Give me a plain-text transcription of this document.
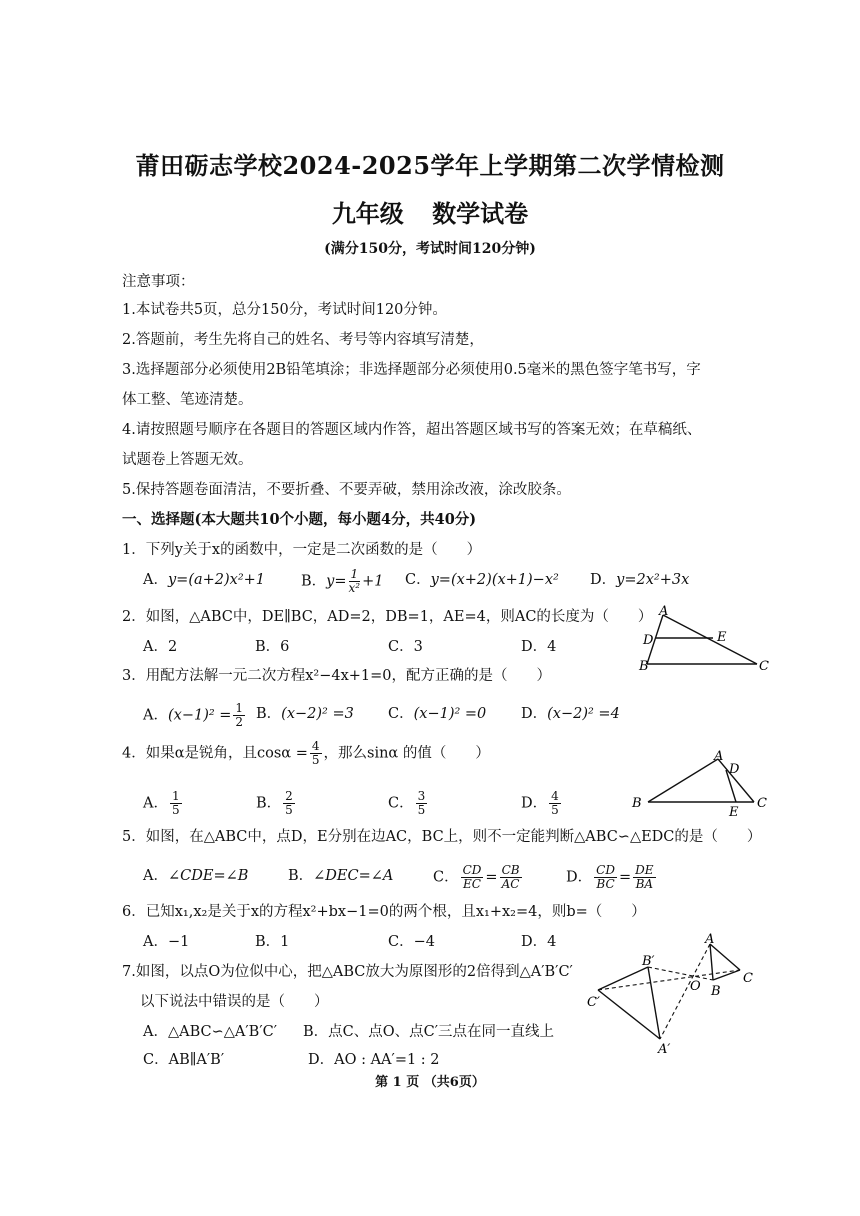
莆田砺志学校2024-2025学年上学期第二次学情检测
九年级 数学试卷
(满分150分，考试时间120分钟)
注意事项：
1.本试卷共5页，总分150分，考试时间120分钟。
2.答题前，考生先将自己的姓名、考号等内容填写清楚，
3.选择题部分必须使用2B铅笔填涂；非选择题部分必须使用0.5毫米的黑色签字笔书写，字
体工整、笔迹清楚。
4.请按照题号顺序在各题目的答题区域内作答，超出答题区域书写的答案无效；在草稿纸、
试题卷上答题无效。
5.保持答题卷面清洁，不要折叠、不要弄破，禁用涂改液，涂改胶条。
一、选择题(本大题共10个小题，每小题4分，共40分)
1．下列y关于x的函数中，一定是二次函数的是（　　）
A．y=(a+2)x²+1 B．$y= \frac{1}{\text{x²}} +1$ C．y=(x+2)(x+1)−x² D．y=2x²+3x
2．如图，△ABC中，DE∥BC，AD=2，DB=1，AE=4，则AC的长度为（　　）
A．2	B．6	C．3	D．4
A
D	E
B	C
3．用配方法解一元二次方程x²−4x+1=0，配方正确的是（　　）
A．$(x-1)^2 = \frac{1}{2}$ B．(x−2)² =3 C．(x−1)² =0 D．(x−2)² =4
4．如果α是锐角，且$\cos\alpha = \frac{4}{5}$ ，那么sinα 的值（　　）
A． $\frac{1}{5}$	B． $\frac{2}{5}$	C． $\frac{3}{5}$	D． $\frac{4}{5}$
A
D
B
E
C
5．如图，在△ABC中，点D，E分别在边AC，BC上，则不一定能判断△ABC∽△EDC的是（　　）
A．∠CDE=∠B	B．∠DEC=∠A	C． $\frac{CD}{EC} = \frac{CB}{AC}$	D． $\frac{CD}{BC} = \frac{DE}{BA}$
6．已知x₁,x₂是关于x的方程x²+bx−1=0的两个根，且x₁+x₂=4，则b=（　　）
A．−1	B．1	C．−4	D．4
7.如图，以点O为位似中心，把△ABC放大为原图形的2倍得到△A′B′C′
以下说法中错误的是（　　）
A．△ABC∽△A′B′C′ B．点C、点O、点C′三点在同一直线上
C．AB∥A′B′	D．AO : AA′=1 : 2
A
C
B
O
B′
C′
A′
第 1 页 （共6页）
